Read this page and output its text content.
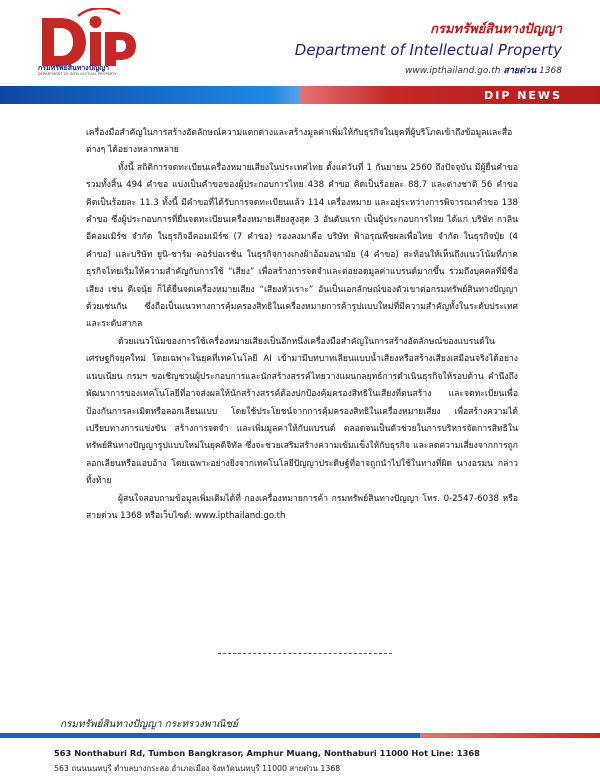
กรมทรัพย์สินทางปัญญา
DEPARTMENT OF INTELLECTUAL PROPERTY
กรมทรัพย์สินทางปัญญา
Department of Intellectual Property
www.ipthailand.go.th สายด่วน 1368
DIP NEWS

เครื่องมือสำคัญในการสร้างอัตลักษณ์ความแตกต่างและสร้างมูลค่าเพิ่มให้กับธุรกิจในยุคที่ผู้บริโภคเข้าถึงข้อมูลและสื่อต่างๆ ได้อย่างหลากหลาย

ทั้งนี้ สถิติการจดทะเบียนเครื่องหมายเสียงในประเทศไทย ตั้งแต่วันที่ 1 กันยายน 2560 ถึงปัจจุบัน มีผู้ยื่นคำขอรวมทั้งสิ้น 494 คำขอ แบ่งเป็นคำขอของผู้ประกอบการไทย 438 คำขอ คิดเป็นร้อยละ 88.7 และต่างชาติ 56 คำขอ คิดเป็นร้อยละ 11.3 ทั้งนี้ มีคำขอที่ได้รับการจดทะเบียนแล้ว 114 เครื่องหมาย และอยู่ระหว่างการพิจารณาคำขอ 138 คำขอ ซึ่งผู้ประกอบการที่ยื่นจดทะเบียนเครื่องหมายเสียงสูงสุด 3 อันดับแรก เป็นผู้ประกอบการไทย ได้แก่ บริษัท กาลิน อีคอมเมิร์ซ จำกัด ในธุรกิจอีคอมเมิร์ซ (7 คำขอ) รองลงมาคือ บริษัท ฟ้าอรุณพืชผลเพื่อไทย จำกัด ในธุรกิจปุ๋ย (4 คำขอ) และบริษัท ยูนิ-ชาร์ม คอร์ปอเรชั่น ในธุรกิจกางเกงผ้าอ้อมอนามัย (4 คำขอ) สะท้อนให้เห็นถึงแนวโน้มที่ภาคธุรกิจไทยเริ่มให้ความสำคัญกับการใช้ “เสียง” เพื่อสร้างการจดจำและต่อยอดมูลค่าแบรนด์มากขึ้น รวมถึงบุคคลที่มีชื่อเสียง เช่น ดีเจนุ้ย ก็ได้ยื่นจดเครื่องหมายเสียง “เสียงหัวเราะ” อันเป็นเอกลักษณ์ของตัวเขาต่อกรมทรัพย์สินทางปัญญาด้วยเช่นกัน ซึ่งถือเป็นแนวทางการคุ้มครองสิทธิในเครื่องหมายการค้ารูปแบบใหม่ที่มีความสำคัญทั้งในระดับประเทศและระดับสากล

ด้วยแนวโน้มของการใช้เครื่องหมายเสียงเป็นอีกหนึ่งเครื่องมือสำคัญในการสร้างอัตลักษณ์ของแบรนด์ในเศรษฐกิจยุคใหม่ โดยเฉพาะในยุคที่เทคโนโลยี AI เข้ามามีบทบาทเลียนแบบน้ำเสียงหรือสร้างเสียงเสมือนจริงได้อย่างแนบเนียน กรมฯ ขอเชิญชวนผู้ประกอบการและนักสร้างสรรค์ไทยวางแผนกลยุทธ์การดำเนินธุรกิจให้รอบด้าน คำนึงถึงพัฒนาการของเทคโนโลยีที่อาจส่งผลให้นักสร้างสรรค์ต้องปกป้องคุ้มครองสิทธิในเสียงที่ตนสร้าง และจดทะเบียนเพื่อป้องกันการละเมิดหรือลอกเลียนแบบ โดยใช้ประโยชน์จากการคุ้มครองสิทธิในเครื่องหมายเสียง เพื่อสร้างความได้เปรียบทางการแข่งขัน สร้างการจดจำ และเพิ่มมูลค่าให้กับแบรนด์ ตลอดจนเป็นตัวช่วยในการบริหารจัดการสิทธิในทรัพย์สินทางปัญญารูปแบบใหม่ในยุคดิจิทัล ซึ่งจะช่วยเสริมสร้างความเข้มแข็งให้กับธุรกิจ และลดความเสี่ยงจากการถูกลอกเลียนหรือแอบอ้าง โดยเฉพาะอย่างยิ่งจากเทคโนโลยีปัญญาประดิษฐ์ที่อาจถูกนำไปใช้ในทางที่ผิด นางอรมน กล่าวทิ้งท้าย

ผู้สนใจสอบถามข้อมูลเพิ่มเติมได้ที่ กองเครื่องหมายการค้า กรมทรัพย์สินทางปัญญา โทร. 0-2547-6038 หรือสายด่วน 1368 หรือเว็บไซต์: www.ipthailand.go.th

กรมทรัพย์สินทางปัญญา กระทรวงพาณิชย์
563 Nonthaburi Rd, Tumbon Bangkrasor, Amphur Muang, Nonthaburi 11000 Hot Line: 1368
563 ถนนนนทบุรี ตำบลบางกระสอ อำเภอเมือง จังหวัดนนทบุรี 11000 สายด่วน 1368
